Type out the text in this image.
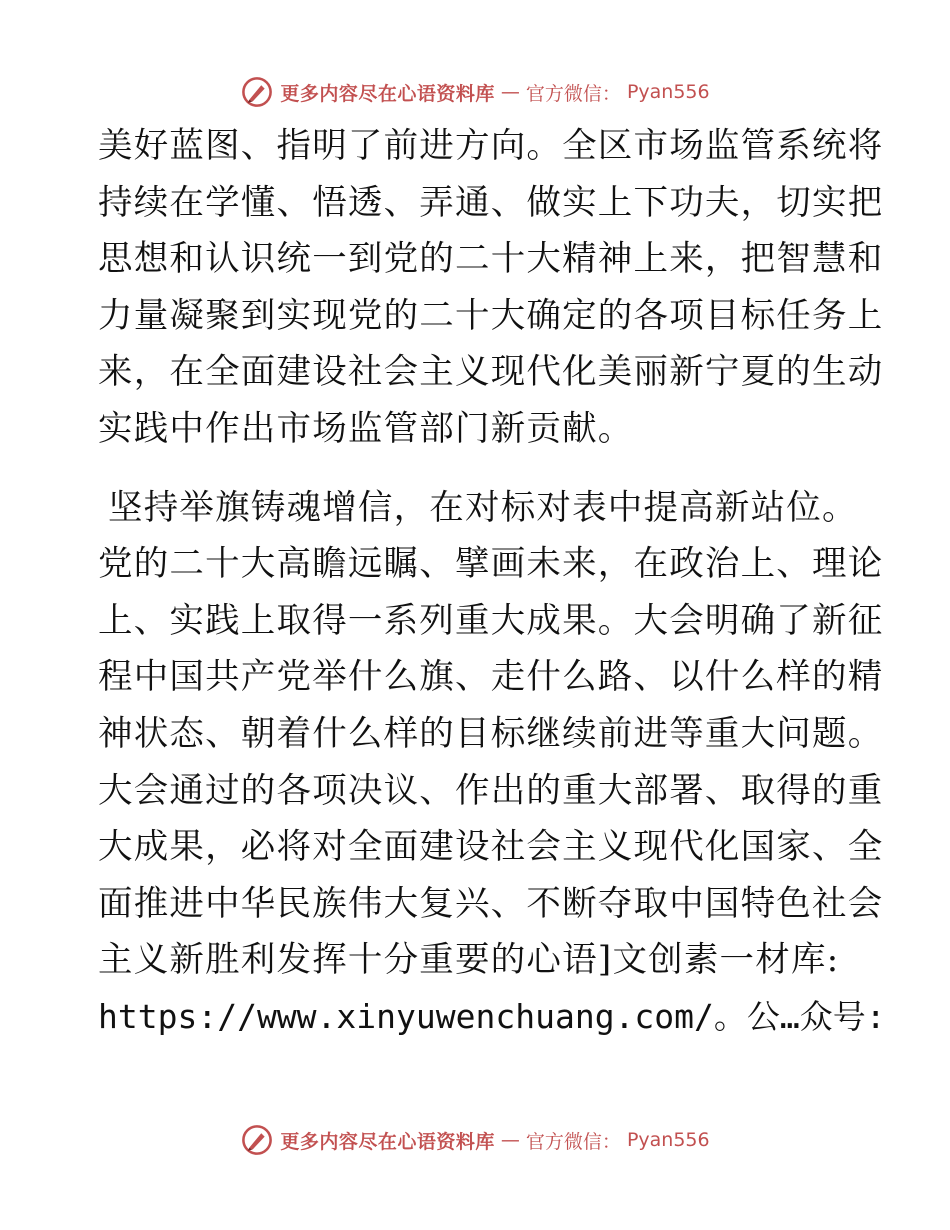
更多内容尽在心语资料库 — 官方微信： Pyan556
美好蓝图、指明了前进方向。全区市场监管系统将
持续在学懂、悟透、弄通、做实上下功夫，切实把
思想和认识统一到党的二十大精神上来，把智慧和
力量凝聚到实现党的二十大确定的各项目标任务上
来，在全面建设社会主义现代化美丽新宁夏的生动
实践中作出市场监管部门新贡献。
坚持举旗铸魂增信，在对标对表中提高新站位。
党的二十大高瞻远瞩、擘画未来，在政治上、理论
上、实践上取得一系列重大成果。大会明确了新征
程中国共产党举什么旗、走什么路、以什么样的精
神状态、朝着什么样的目标继续前进等重大问题。
大会通过的各项决议、作出的重大部署、取得的重
大成果，必将对全面建设社会主义现代化国家、全
面推进中华民族伟大复兴、不断夺取中国特色社会
主义新胜利发挥十分重要的心语]文创素一材库:
https://www.xinyuwenchuang.com/。公…众号:
更多内容尽在心语资料库 — 官方微信： Pyan556
